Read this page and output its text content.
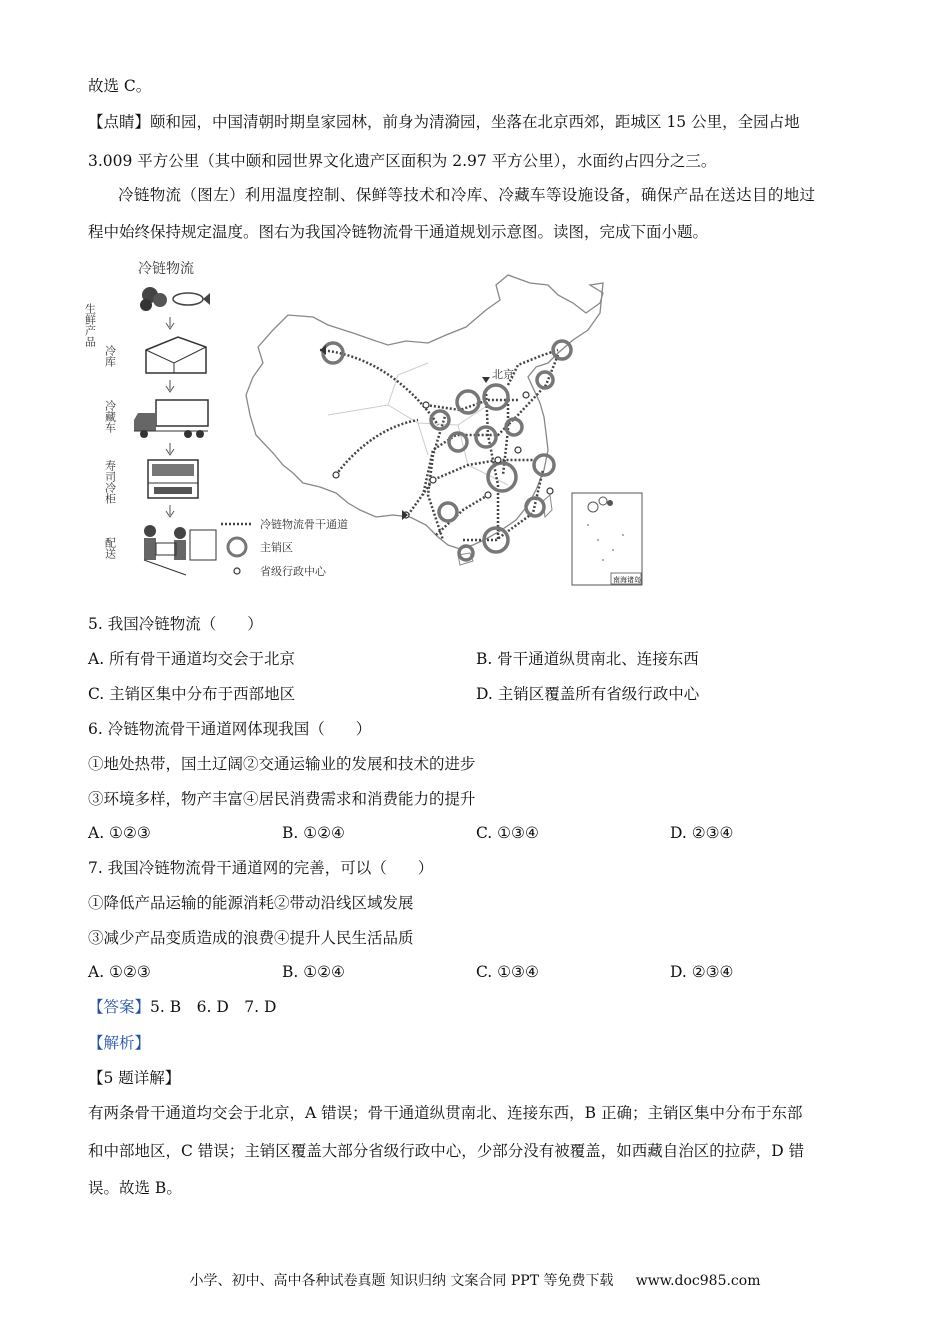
故选 C。
【点睛】颐和园，中国清朝时期皇家园林，前身为清漪园，坐落在北京西郊，距城区 15 公里，全园占地
3.009 平方公里（其中颐和园世界文化遗产区面积为 2.97 平方公里），水面约占四分之三。
冷链物流（图左）利用温度控制、保鲜等技术和冷库、冷藏车等设施设备，确保产品在送达目的地过
程中始终保持规定温度。图右为我国冷链物流骨干通道规划示意图。读图，完成下面小题。
冷链物流
生鲜产品
冷库
冷藏车
寿司冷柜
配送
南海诸岛
北京
冷链物流骨干通道
主销区
省级行政中心
5. 我国冷链物流（　　）
A. 所有骨干通道均交会于北京	B. 骨干通道纵贯南北、连接东西
C. 主销区集中分布于西部地区	D. 主销区覆盖所有省级行政中心
6. 冷链物流骨干通道网体现我国（　　）
①地处热带，国土辽阔②交通运输业的发展和技术的进步
③环境多样，物产丰富④居民消费需求和消费能力的提升
A. ①②③	B. ①②④	C. ①③④	D. ②③④
7. 我国冷链物流骨干通道网的完善，可以（　　）
①降低产品运输的能源消耗②带动沿线区域发展
③减少产品变质造成的浪费④提升人民生活品质
A. ①②③	B. ①②④	C. ①③④	D. ②③④
【答案】5. B　6. D　7. D
【解析】
【5 题详解】
有两条骨干通道均交会于北京，A 错误；骨干通道纵贯南北、连接东西，B 正确；主销区集中分布于东部
和中部地区，C 错误；主销区覆盖大部分省级行政中心，少部分没有被覆盖，如西藏自治区的拉萨，D 错
误。故选 B。
小学、初中、高中各种试卷真题 知识归纳 文案合同 PPT 等免费下载 www.doc985.com
